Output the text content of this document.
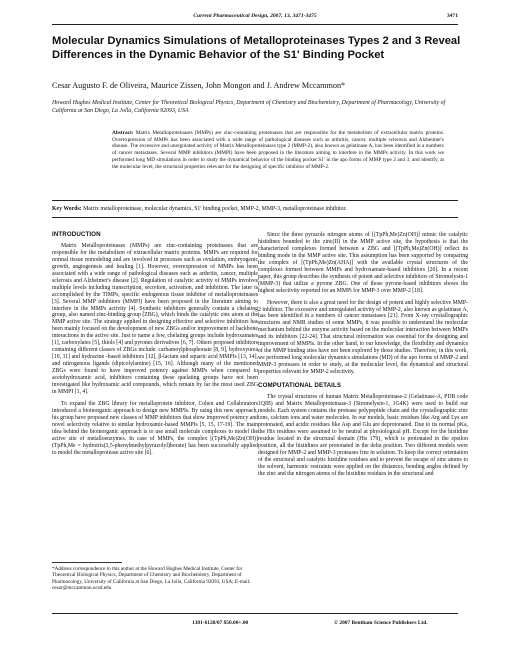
Current Pharmaceutical Design, 2007, 13, 3471-3475	3471
Molecular Dynamics Simulations of Metalloproteinases Types 2 and 3 Reveal Differences in the Dynamic Behavior of the S1' Binding Pocket
Cesar Augusto F. de Oliveira, Maurice Zissen, John Mongon and J. Andrew Mccammon*
Howard Hughes Medical Institute, Center for Theoretical Biological Physics, Department of Chemistry and Biochemistry, Department of Pharmacology, University of California at San Diego, La Jolla, California 92093, USA
Abstract: Matrix Metalloproteinases (MMPs) are zinc-containing proteinases that are responsible for the metabolism of extracellular matrix proteins. Overexpression of MMPs has been associated with a wide range of pathological diseases such as arthritis, cancer, multiple sclerosis and Alzheimer's disease. The excessive and unregulated activity of Matrix Metalloproteinases type 2 (MMP-2), also known as gelatinase A, has been identified in a numbers of cancer metastases. Several MMP inhibitors (MMPI) have been proposed in the literature aiming to interfere in the MMPs activity. In this work we performed long MD simulations in order to study the dynamical behavior of the binding pocket S1' in the apo forms of MMP type 2 and 3, and identify, at the molecular level, the structural properties relevant for the designing of specific inhibitor of MMP-2.
Key Words: Matrix metalloproteinase, molecular dynamics, S1' binding pocket, MMP-2, MMP-3, metalloproteinase inhibitor.
INTRODUCTION

Matrix Metalloproteinases (MMPs) are zinc-containing proteinases that are responsible for the metabolism of extracellular matrix proteins. MMPs are required for normal tissue remodeling and are involved in processes such as ovulation, embryogenic growth, angiogenesis and healing [1]. However, overexpression of MMPs has been associated with a wide range of pathological diseases such as arthritis, cancer, multiple sclerosis and Alzheimer's disease [2]. Regulation of catalytic activity of MMPs involves multiple levels including transcription, secretion, activation, and inhibition. The later is accomplished by the TIMPs, specific endogenous tissue inhibitor of metalloproteinases [3]. Several MMP inhibitors (MMPI) have been proposed in the literature aiming to interfere in the MMPs activity [4]. Synthetic inhibitors generally contain a chelating group, also named zinc-binding group (ZBG), which binds the catalytic zinc atom at the MMP active site. The strategy applied in designing effective and selective inhibitors has been mainly focused on the development of new ZBGs and/or improvement of backbone interactions in the active site. Just to name a few, chelating groups include hydroxamates [1], carboxylates [5], thiols [4] and pyrones derivatives [6, 7]. Others proposed inhibitors containing different classes of ZBGs include: carbamoylphosphonate [8, 9], hydroxyurea [10, 11] and hydrazine -based inhibitors [12], β-lactam and squaric acid MMPIs [13, 14], and nitrogenous ligands (dipicolylamine) [15, 16]. Although many of the mentioned ZBGs were found to have improved potency against MMPs when compared to acetohydroxamic acid, inhibitors containing these quelating groups have not been investigated like hydroxamic acid compounds, which remain by far the most used ZBG in MMPI [1, 4].

To expand the ZBG library for metalloprotein inhibitor, Cohen and Collaborators introduced a bioinorganic approach to design new MMPIs. By using this new approach, his group have proposed new classes of MMP inhibitors that show improved potency and novel selectivity relative to similar hydroxamic-based MMPIs [5, 15, 17-19]. The main idea behind the bioinorganic approach is to use small molecule complexes to model the active site of metalloenzymes. In case of MMPs, the complex [(TpPh,Me)Zn(OH)] (TpPh,Me = hydrotris(3,5-phenylmethylpyrazolyl)borate) has been successfully applied to model the metalloprotease active site [6].

*Address correspondence to this author at the Howard Hughes Medical Institute, Center for Theoretical Biological Physics, Department of Chemistry and Biochemistry, Department of Pharmacology, University of California at San Diego, La Jolla, California 92093, USA; E-mail: cesar@mccammon.ucsd.edu

Since the three pyrazole nitrogen atoms of [(TpPh,Me)Zn(OH)] mimic the catalytic histidines bounded to the zinc(II) in the MMP active site, the hypothesis is that the characterized complexes formed between a ZBG and [(TpPh,Me)Zn(OH)] reflect its binding mode in the MMP active site. This assumption has been supported by comparing the complex of [(TpPh,Me)Zn(AHA)] with the available crystal structures of the complexes formed between MMPs and hydroxamate-based inhibitors [20]. In a recent paper, this group describes the synthesis of potent and selective inhibitors of Stromelysin-1 (MMP-3) that utilize a pyrone ZBG. One of those pyrone-based inhibitors shows the highest selectivity reported for an MMPi for MMP-3 over MMP-2 [18].

However, there is also a great need for the design of potent and highly selective MMP-2 inhibitor. The excessive and unregulated activity of MMP-2, also known as gelatinase A, has been identified in a numbers of cancer metastases [21]. From X-ray crystallographic structures and NMR studies of some MMPs, it was possible to understand the molecular mechanism behind the enzyme activity based on the molecular interaction between MMPs and its inhibitors [22-24]. That structural information was essential for the designing and improvement of MMPIs. In the other hand, to our knowledge, the flexibility and dynamics of the MMP binding sites have not been explored by those studies. Therefore, in this work, we performed long molecular dynamics simulations (MD) of the apo forms of MMP-2 and MMP-3 proteases in order to study, at the molecular level, the dynamical and structural properties relevant for MMP-2 selectivity.

COMPUTATIONAL DETAILS

The crystal structures of human Matrix Metalloproteinase-2 (Gelatinase-A, PDB code 1QIB) and Matrix Metalloproteinase-3 (Stromelysin-1, 1G4K) were used to build our models. Each system contains the protease polypeptide chain and the crystallographic zinc ions, calcium ions and water molecules. In our models, basic residues like Arg and Lys are protonated, and acidic residues like Asp and Glu are deprotonated. Due to its normal pKa, the His residues were assumed to be neutral at physiological pH. Except for the histidine residue located in the structural domain (His 179), which is protonated in the epsilon position, all the histidines are protonated in the delta position. Two different models were designed for MMP-2 and MMP-3 proteases free in solution. To keep the correct orientation of the structural and catalytic histidine residues and to prevent the escape of zinc atoms to the solvent, harmonic restraints were applied on the distances, bending angles defined by the zinc and the nitrogen atoms of the histidine residues in the structural and

1381-6128/07 $50.00+.00	© 2007 Bentham Science Publishers Ltd.
